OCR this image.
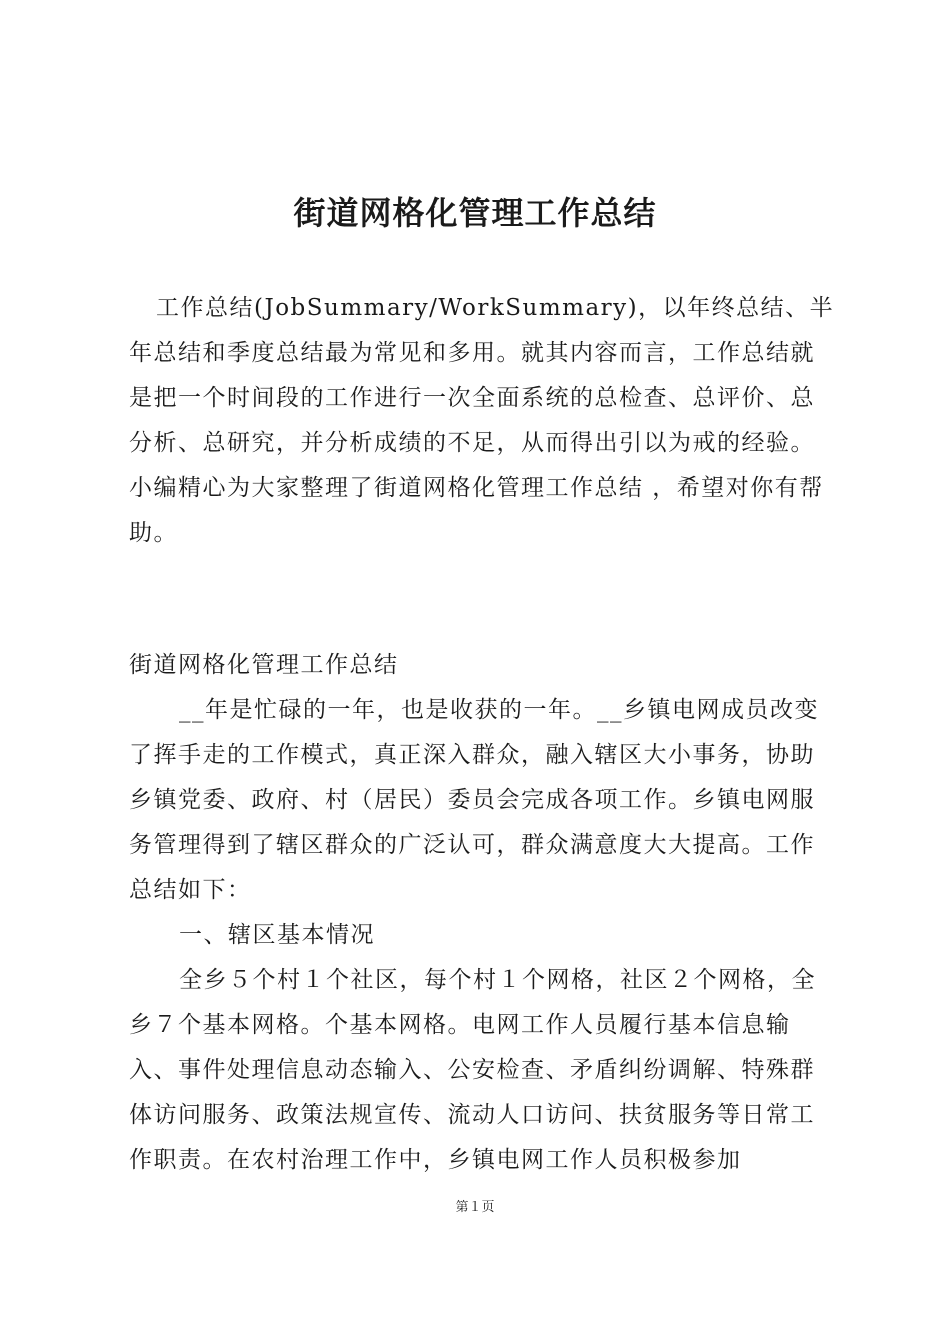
街道网格化管理工作总结

工作总结(JobSummary/WorkSummary)，以年终总结、半年总结和季度总结最为常见和多用。就其内容而言，工作总结就是把一个时间段的工作进行一次全面系统的总检查、总评价、总分析、总研究，并分析成绩的不足，从而得出引以为戒的经验。小编精心为大家整理了街道网格化管理工作总结 ，希望对你有帮助。

街道网格化管理工作总结

__年是忙碌的一年，也是收获的一年。__乡镇电网成员改变了挥手走的工作模式，真正深入群众，融入辖区大小事务，协助乡镇党委、政府、村（居民）委员会完成各项工作。乡镇电网服务管理得到了辖区群众的广泛认可，群众满意度大大提高。工作总结如下：

一、辖区基本情况

全乡５个村１个社区，每个村１个网格，社区２个网格，全乡７个基本网格。个基本网格。电网工作人员履行基本信息输入、事件处理信息动态输入、公安检查、矛盾纠纷调解、特殊群体访问服务、政策法规宣传、流动人口访问、扶贫服务等日常工作职责。在农村治理工作中，乡镇电网工作人员积极参加

第１页
